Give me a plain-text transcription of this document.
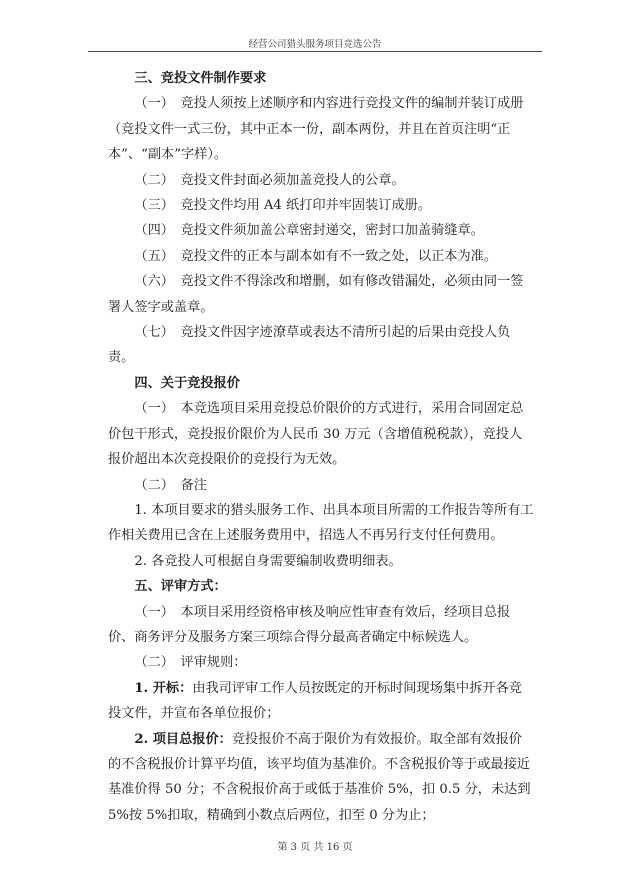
经营公司猎头服务项目竞选公告

三、竞投文件制作要求

（一）　竞投人须按上述顺序和内容进行竞投文件的编制并装订成册（竞投文件一式三份，其中正本一份，副本两份，并且在首页注明“正本”、“副本”字样）。

（二）　竞投文件封面必须加盖竞投人的公章。

（三）　竞投文件均用 A4 纸打印并牢固装订成册。

（四）　竞投文件须加盖公章密封递交，密封口加盖骑缝章。

（五）　竞投文件的正本与副本如有不一致之处，以正本为准。

（六）　竞投文件不得涂改和增删，如有修改错漏处，必须由同一签署人签字或盖章。

（七）　竞投文件因字迹潦草或表达不清所引起的后果由竞投人负责。

四、关于竞投报价

（一）　本竞选项目采用竞投总价限价的方式进行，采用合同固定总价包干形式，竞投报价限价为人民币 30 万元（含增值税税款），竞投人报价超出本次竞投限价的竞投行为无效。

（二）　备注

1. 本项目要求的猎头服务工作、出具本项目所需的工作报告等所有工作相关费用已含在上述服务费用中，招选人不再另行支付任何费用。

2. 各竞投人可根据自身需要编制收费明细表。

五、评审方式：

（一）　本项目采用经资格审核及响应性审查有效后，经项目总报价、商务评分及服务方案三项综合得分最高者确定中标候选人。

（二）　评审规则：

1. 开标：由我司评审工作人员按既定的开标时间现场集中拆开各竞投文件，并宣布各单位报价；

2. 项目总报价：竞投报价不高于限价为有效报价。取全部有效报价的不含税报价计算平均值，该平均值为基准价。不含税报价等于或最接近基准价得 50 分；不含税报价高于或低于基准价 5%，扣 0.5 分，未达到 5%按 5%扣取，精确到小数点后两位，扣至 0 分为止；

第 3 页 共 16 页
